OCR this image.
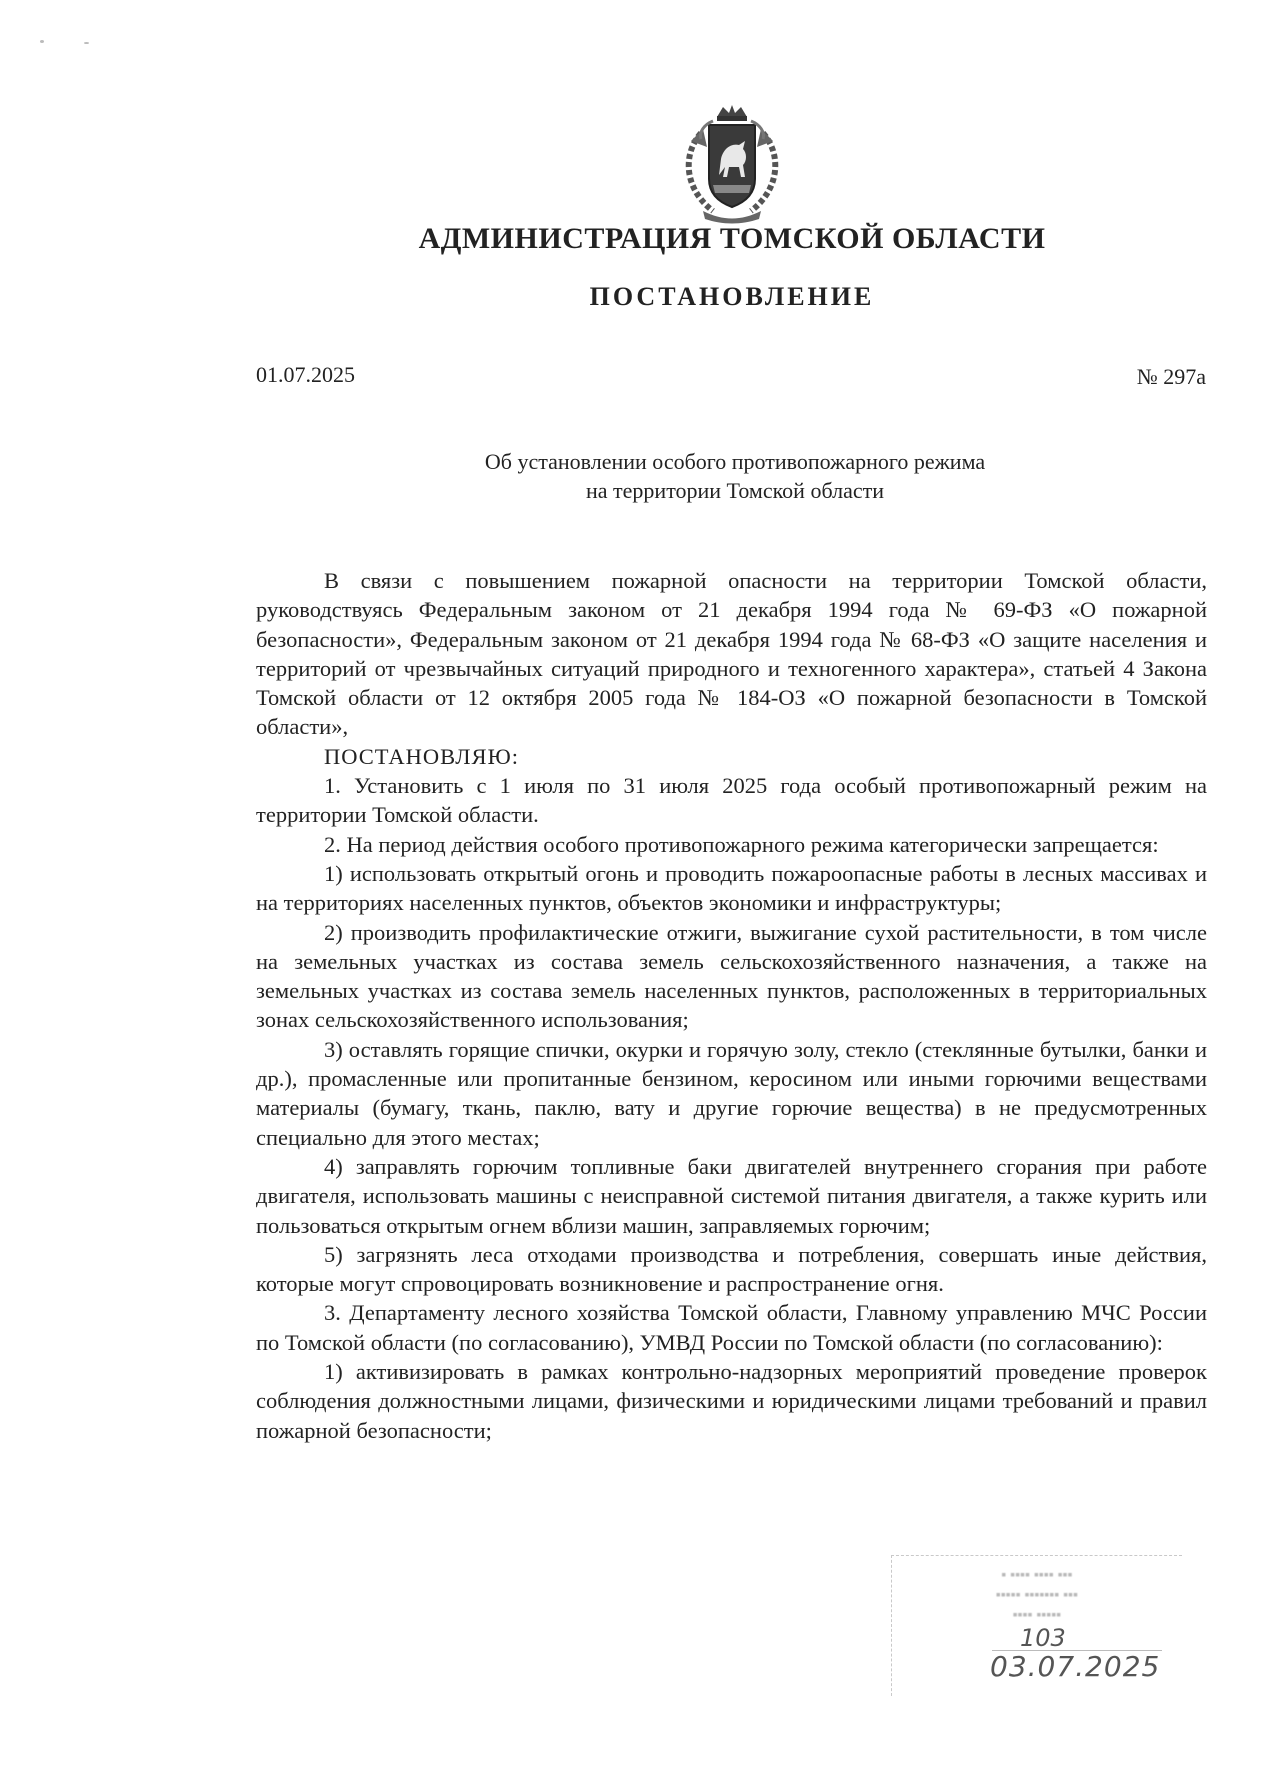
АДМИНИСТРАЦИЯ ТОМСКОЙ ОБЛАСТИ
ПОСТАНОВЛЕНИЕ
01.07.2025	№ 297а
Об установлении особого противопожарного режима
на территории Томской области

В связи с повышением пожарной опасности на территории Томской области, руководствуясь Федеральным законом от 21 декабря 1994 года № 69-ФЗ «О пожарной безопасности», Федеральным законом от 21 декабря 1994 года № 68-ФЗ «О защите населения и территорий от чрезвычайных ситуаций природного и техногенного характера», статьей 4 Закона Томской области от 12 октября 2005 года № 184-ОЗ «О пожарной безопасности в Томской области»,

ПОСТАНОВЛЯЮ:

1. Установить с 1 июля по 31 июля 2025 года особый противопожарный режим на территории Томской области.

2. На период действия особого противопожарного режима категорически запрещается:

1) использовать открытый огонь и проводить пожароопасные работы в лесных массивах и на территориях населенных пунктов, объектов экономики и инфраструктуры;

2) производить профилактические отжиги, выжигание сухой растительности, в том числе на земельных участках из состава земель сельскохозяйственного назначения, а также на земельных участках из состава земель населенных пунктов, расположенных в территориальных зонах сельскохозяйственного использования;

3) оставлять горящие спички, окурки и горячую золу, стекло (стеклянные бутылки, банки и др.), промасленные или пропитанные бензином, керосином или иными горючими веществами материалы (бумагу, ткань, паклю, вату и другие горючие вещества) в не предусмотренных специально для этого местах;

4) заправлять горючим топливные баки двигателей внутреннего сгорания при работе двигателя, использовать машины с неисправной системой питания двигателя, а также курить или пользоваться открытым огнем вблизи машин, заправляемых горючим;

5) загрязнять леса отходами производства и потребления, совершать иные действия, которые могут спровоцировать возникновение и распространение огня.

3. Департаменту лесного хозяйства Томской области, Главному управлению МЧС России по Томской области (по согласованию), УМВД России по Томской области (по согласованию):

1) активизировать в рамках контрольно-надзорных мероприятий проведение проверок соблюдения должностными лицами, физическими и юридическими лицами требований и правил пожарной безопасности;

▪ ▪▪▪▪ ▪▪▪▪ ▪▪▪
▪▪▪▪▪ ▪▪▪▪▪▪▪ ▪▪▪
▪▪▪▪ ▪▪▪▪▪
103
03.07.2025
